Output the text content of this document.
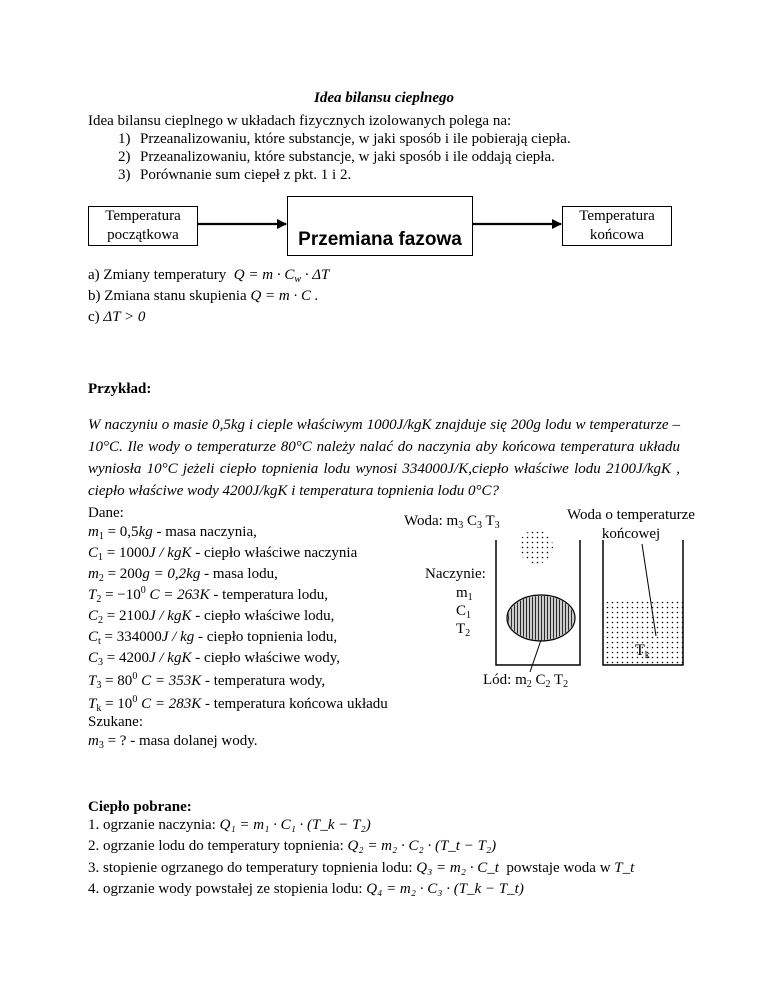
Idea bilansu cieplnego
Idea bilansu cieplnego w układach fizycznych izolowanych polega na:
1) Przeanalizowaniu, które substancje, w jaki sposób i ile pobierają ciepła.
2) Przeanalizowaniu, które substancje, w jaki sposób i ile oddają ciepła.
3) Porównanie sum ciepeł z pkt. 1 i 2.
Temperatura
początkowa	Przemiana fazowa
Temperatura
końcowa
a) Zmiany temperatury $Q = m \cdot C_w \cdot \Delta T$
b) Zmiana stanu skupienia Q = m · C .
c) ΔT > 0
Przykład:
W naczyniu o masie 0,5kg i cieple właściwym 1000J/kgK znajduje się 200g lodu w temperaturze –10°C. Ile wody o temperaturze 80°C należy nalać do naczynia aby końcowa temperatura układu wyniosła 10°C jeżeli ciepło topnienia lodu wynosi 334000J/K,ciepło właściwe lodu 2100J/kgK , ciepło właściwe wody 4200J/kgK i temperatura topnienia lodu 0°C?
Dane:
$m_1 = 0,5kg$ - masa naczynia,
$C_1 = 1000J$ / kgK - ciepło właściwe naczynia
$m_2 = 200g = 0,2kg$ - masa lodu,
$T_2 = -10^0$ C = 263K - temperatura lodu,
$C_2 = 2100J$ / kgK - ciepło właściwe lodu,
$C_t = 334000J$ / kg - ciepło topnienia lodu,
$C_3 = 4200J$ / kgK - ciepło właściwe wody,
$T_3 = 80^0$ C = 353K - temperatura wody,
$T_k = 10^0$ C = 283K - temperatura końcowa układu
Szukane:
$m_3$ = ? - masa dolanej wody.
Woda: $m_3$ $C_3$ $T_3$
Naczynie:
$m_1$
$C_1$
$T_2$
Lód: $m_2$ $C_2$ $T_2$
Woda o temperaturze
końcowej
$T_k$
Ciepło pobrane:
1. ogrzanie naczynia: Q₁ = m₁ · C₁ · (T_k − T₂)
2. ogrzanie lodu do temperatury topnienia: Q₂ = m₂ · C₂ · (T_t − T₂)
3. stopienie ogrzanego do temperatury topnienia lodu: Q₃ = m₂ · C_t powstaje woda w T_t
4. ogrzanie wody powstałej ze stopienia lodu: Q₄ = m₂ · C₃ · (T_k − T_t)
